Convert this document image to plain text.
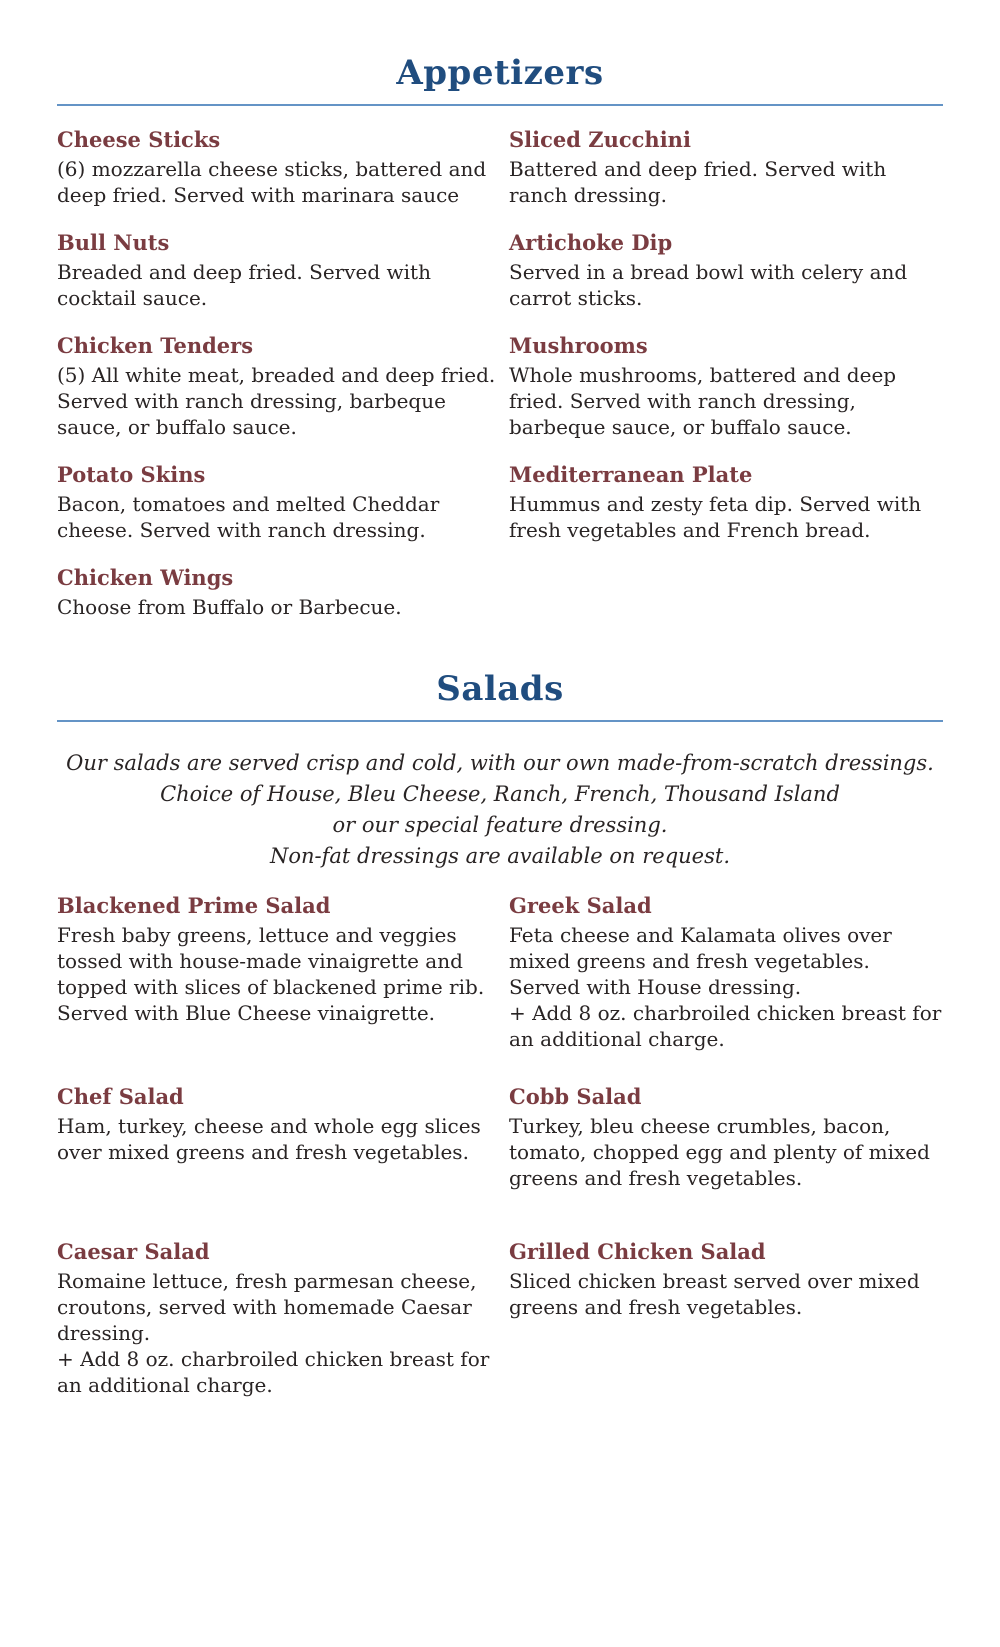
Appetizers
Cheese Sticks

(6) mozzarella cheese sticks, battered and deep fried. Served with marinara sauce

Sliced Zucchini

Battered and deep fried. Served with ranch dressing.

Bull Nuts

Breaded and deep fried. Served with cocktail sauce.

Artichoke Dip

Served in a bread bowl with celery and carrot sticks.

Chicken Tenders

(5) All white meat, breaded and deep fried. Served with ranch dressing, barbeque sauce, or buffalo sauce.

Mushrooms

Whole mushrooms, battered and deep fried. Served with ranch dressing, barbeque sauce, or buffalo sauce.

Potato Skins

Bacon, tomatoes and melted Cheddar cheese. Served with ranch dressing.

Mediterranean Plate

Hummus and zesty feta dip. Served with fresh vegetables and French bread.

Chicken Wings

Choose from Buffalo or Barbecue.

Salads
Our salads are served crisp and cold, with our own made-from-scratch dressings.
Choice of House, Bleu Cheese, Ranch, French, Thousand Island
or our special feature dressing.
Non-fat dressings are available on request.
Blackened Prime Salad

Fresh baby greens, lettuce and veggies tossed with house-made vinaigrette and topped with slices of blackened prime rib. Served with Blue Cheese vinaigrette.

Greek Salad

Feta cheese and Kalamata olives over mixed greens and fresh vegetables. Served with House dressing.

+ Add 8 oz. charbroiled chicken breast for an additional charge.

Chef Salad

Ham, turkey, cheese and whole egg slices over mixed greens and fresh vegetables.

Cobb Salad

Turkey, bleu cheese crumbles, bacon, tomato, chopped egg and plenty of mixed greens and fresh vegetables.

Caesar Salad

Romaine lettuce, fresh parmesan cheese, croutons, served with homemade Caesar dressing.

+ Add 8 oz. charbroiled chicken breast for an additional charge.

Grilled Chicken Salad

Sliced chicken breast served over mixed greens and fresh vegetables.
